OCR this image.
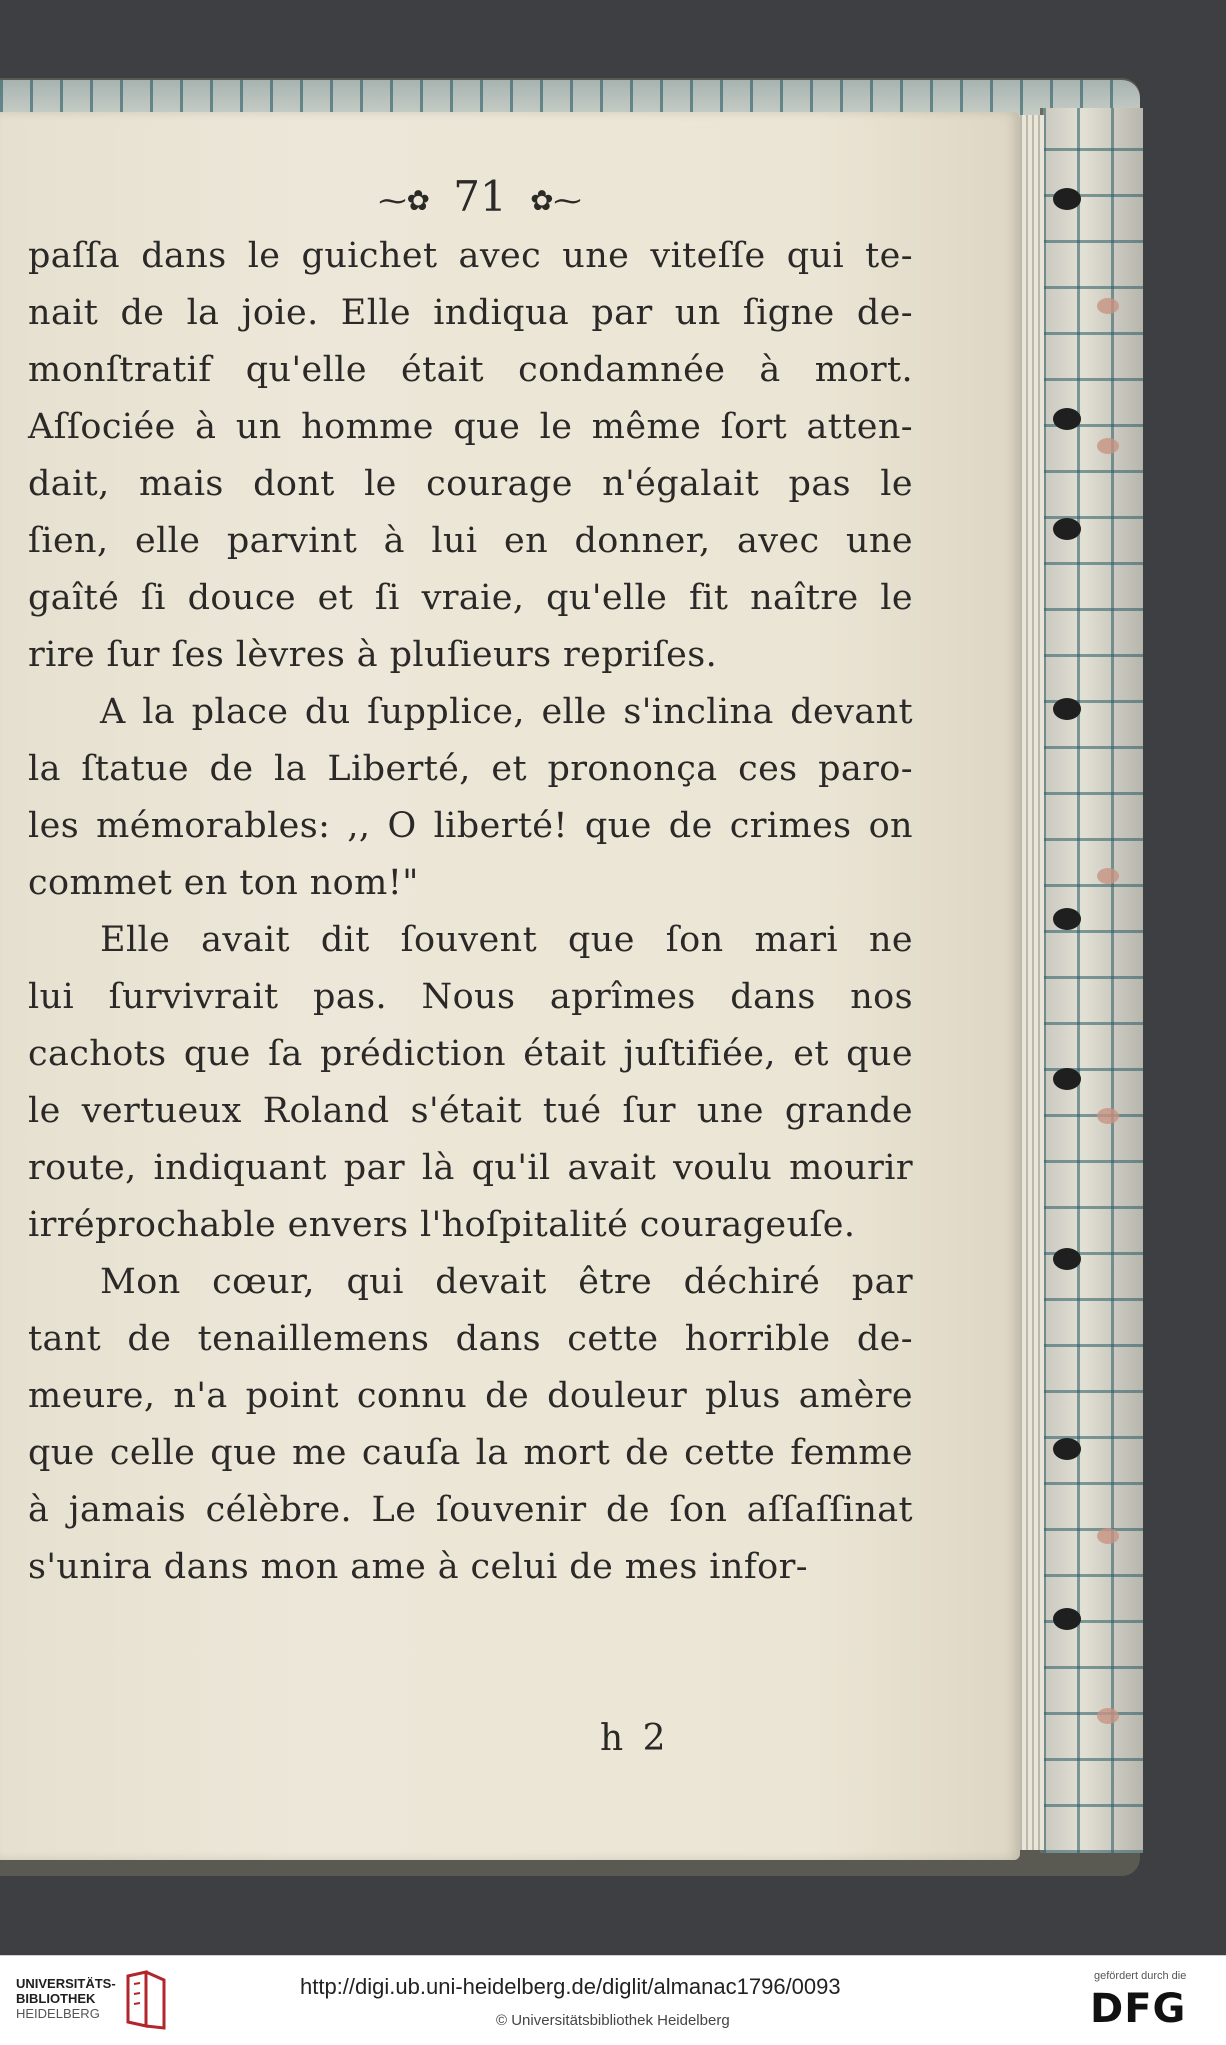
⁓✿ 71 ✿⁓

paſſa dans le guichet avec une viteſſe qui te-

nait de la joie. Elle indiqua par un ſigne de-

monſtratif qu'elle était condamnée à mort.

Aſſociée à un homme que le même ſort atten-

dait, mais dont le courage n'égalait pas le

ſien, elle parvint à lui en donner, avec une

gaîté ſi douce et ſi vraie, qu'elle fit naître le

rire ſur ſes lèvres à pluſieurs repriſes.

A la place du ſupplice, elle s'inclina devant

la ſtatue de la Liberté, et prononça ces paro-

les mémorables: ,, O liberté! que de crimes on

commet en ton nom!"

Elle avait dit ſouvent que ſon mari ne

lui ſurvivrait pas. Nous aprîmes dans nos

cachots que ſa prédiction était juſtifiée, et que

le vertueux Roland s'était tué ſur une grande

route, indiquant par là qu'il avait voulu mourir

irréprochable envers l'hoſpitalité courageuſe.

Mon cœur, qui devait être déchiré par

tant de tenaillemens dans cette horrible de-

meure, n'a point connu de douleur plus amère

que celle que me cauſa la mort de cette femme

à jamais célèbre. Le ſouvenir de ſon aſſaſſinat

s'unira dans mon ame à celui de mes infor-

h 2
UNIVERSITÄTS-
BIBLIOTHEK
HEIDELBERG
http://digi.ub.uni-heidelberg.de/diglit/almanac1796/0093
© Universitätsbibliothek Heidelberg
gefördert durch die
DFG
